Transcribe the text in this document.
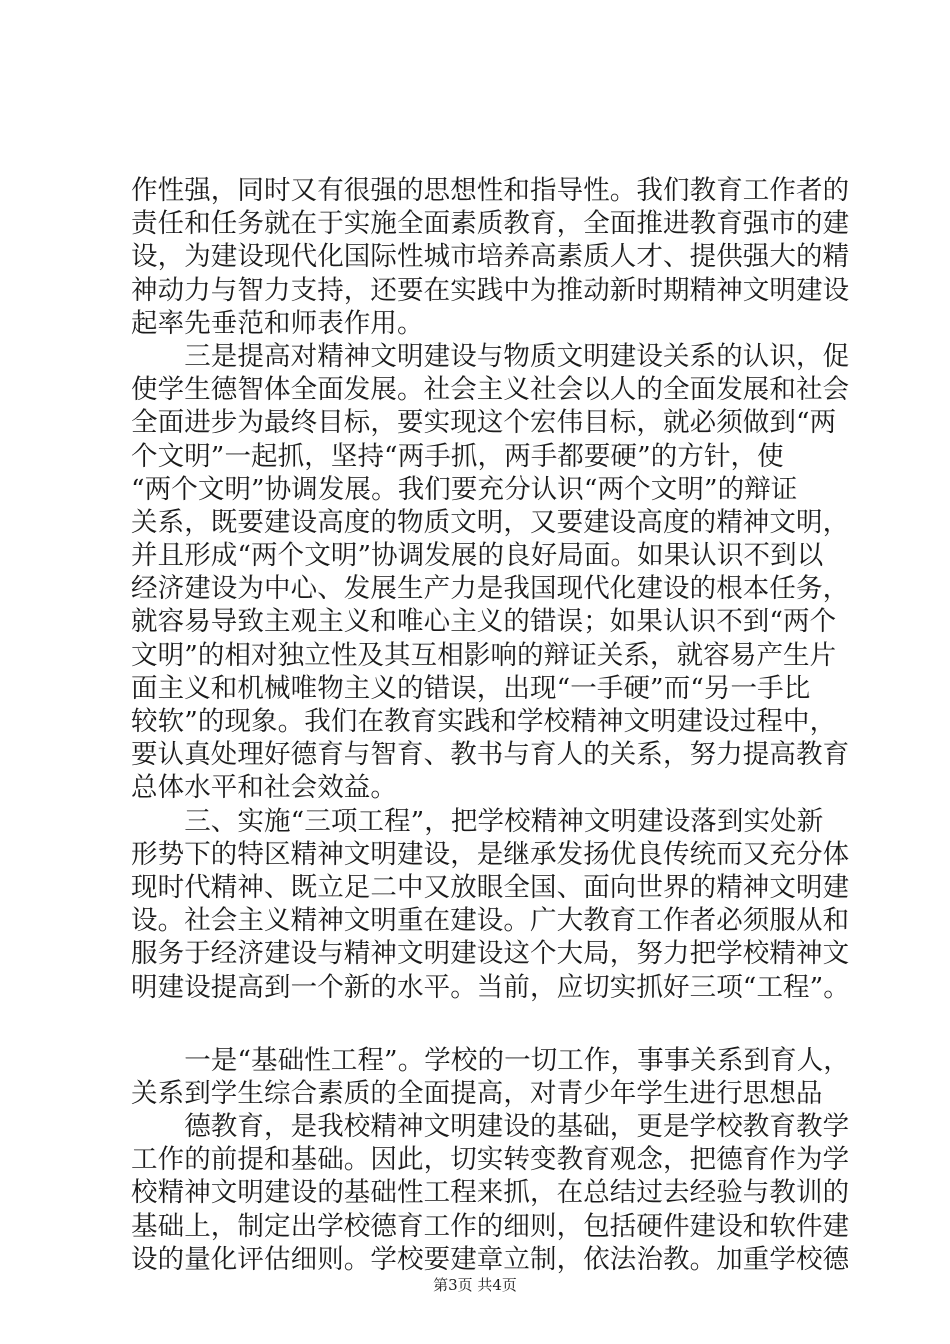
作性强，同时又有很强的思想性和指导性。我们教育工作者的
责任和任务就在于实施全面素质教育，全面推进教育强市的建
设，为建设现代化国际性城市培养高素质人才、提供强大的精
神动力与智力支持，还要在实践中为推动新时期精神文明建设
起率先垂范和师表作用。
　　三是提高对精神文明建设与物质文明建设关系的认识，促
使学生德智体全面发展。社会主义社会以人的全面发展和社会
全面进步为最终目标，要实现这个宏伟目标，就必须做到“两
个文明”一起抓，坚持“两手抓，两手都要硬”的方针，使
“两个文明”协调发展。我们要充分认识“两个文明”的辩证
关系，既要建设高度的物质文明，又要建设高度的精神文明，
并且形成“两个文明”协调发展的良好局面。如果认识不到以
经济建设为中心、发展生产力是我国现代化建设的根本任务，
就容易导致主观主义和唯心主义的错误；如果认识不到“两个
文明”的相对独立性及其互相影响的辩证关系，就容易产生片
面主义和机械唯物主义的错误，出现“一手硬”而“另一手比
较软”的现象。我们在教育实践和学校精神文明建设过程中，
要认真处理好德育与智育、教书与育人的关系，努力提高教育
总体水平和社会效益。
　　三、实施“三项工程”，把学校精神文明建设落到实处新
形势下的特区精神文明建设，是继承发扬优良传统而又充分体
现时代精神、既立足二中又放眼全国、面向世界的精神文明建
设。社会主义精神文明重在建设。广大教育工作者必须服从和
服务于经济建设与精神文明建设这个大局，努力把学校精神文
明建设提高到一个新的水平。当前，应切实抓好三项“工程”。
　　一是“基础性工程”。学校的一切工作，事事关系到育人，
关系到学生综合素质的全面提高，对青少年学生进行思想品
　　德教育，是我校精神文明建设的基础，更是学校教育教学
工作的前提和基础。因此，切实转变教育观念，把德育作为学
校精神文明建设的基础性工程来抓，在总结过去经验与教训的
基础上，制定出学校德育工作的细则，包括硬件建设和软件建
设的量化评估细则。学校要建章立制，依法治教。加重学校德
第3页 共4页
